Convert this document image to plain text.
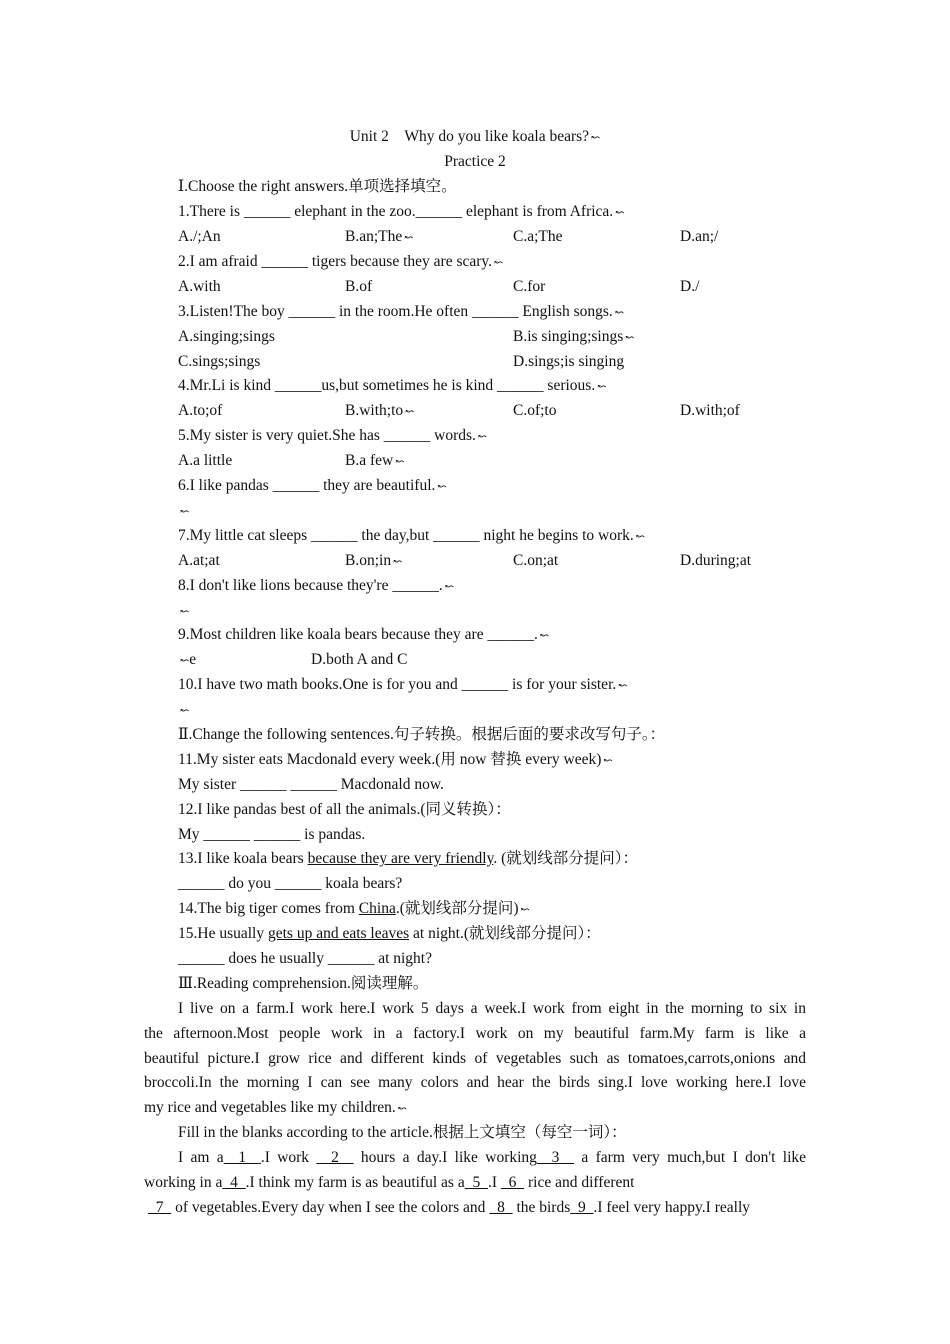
Unit 2　Why do you like koala bears? ↜
Practice 2
Ⅰ.Choose the right answers.单项选择填空。
1.There is ______ elephant in the zoo.______ elephant is from Africa. ↜
A./;An	B.an;The ↜	C.a;The	D.an;/
2.I am afraid ______ tigers because they are scary. ↜
A.with	B.of	C.for	D./
3.Listen!The boy ______ in the room.He often ______ English songs. ↜
A.singing;sings	B.is singing;sings ↜
C.sings;sings	D.sings;is singing
4.Mr.Li is kind ______us,but sometimes he is kind ______ serious. ↜
A.to;of	B.with;to ↜	C.of;to	D.with;of
5.My sister is very quiet.She has ______ words. ↜
A.a little	B.a few ↜
6.I like pandas ______ they are beautiful. ↜
↜
7.My little cat sleeps ______ the day,but ______ night he begins to work. ↜
A.at;at	B.on;in ↜	C.on;at	D.during;at
8.I don't like lions because they're ______. ↜
↜
9.Most children like koala bears because they are ______. ↜
↜e	D.both A and C
10.I have two math books.One is for you and ______ is for your sister. ↜
↜
Ⅱ.Change the following sentences.句子转换。根据后面的要求改写句子。：
11.My sister eats Macdonald every week.(用 now 替换 every week) ↜
My sister ______ ______ Macdonald now.
12.I like pandas best of all the animals.(同义转换）：
My ______ ______ is pandas.
13.I like koala bears because they are very friendly. (就划线部分提问）：
______ do you ______ koala bears?
14.The big tiger comes from China.(就划线部分提问) ↜
15.He usually gets up and eats leaves at night.(就划线部分提问）：
______ does he usually ______ at night?
Ⅲ.Reading comprehension.阅读理解。
I live on a farm.I work here.I work 5 days a week.I work from eight in the morning to six in
the afternoon.Most people work in a factory.I work on my beautiful farm.My farm is like a
beautiful picture.I grow rice and different kinds of vegetables such as tomatoes,carrots,onions and
broccoli.In the morning I can see many colors and hear the birds sing.I love working here.I love
my rice and vegetables like my children. ↜
Fill in the blanks according to the article.根据上文填空（每空一词）：
I am a  1  .I work   2   hours a day.I like working  3   a farm very much,but I don't like
working in a  4  .I think my farm is as beautiful as a  5  .I   6   rice and different
7   of vegetables.Every day when I see the colors and   8   the birds  9  .I feel very happy.I really
